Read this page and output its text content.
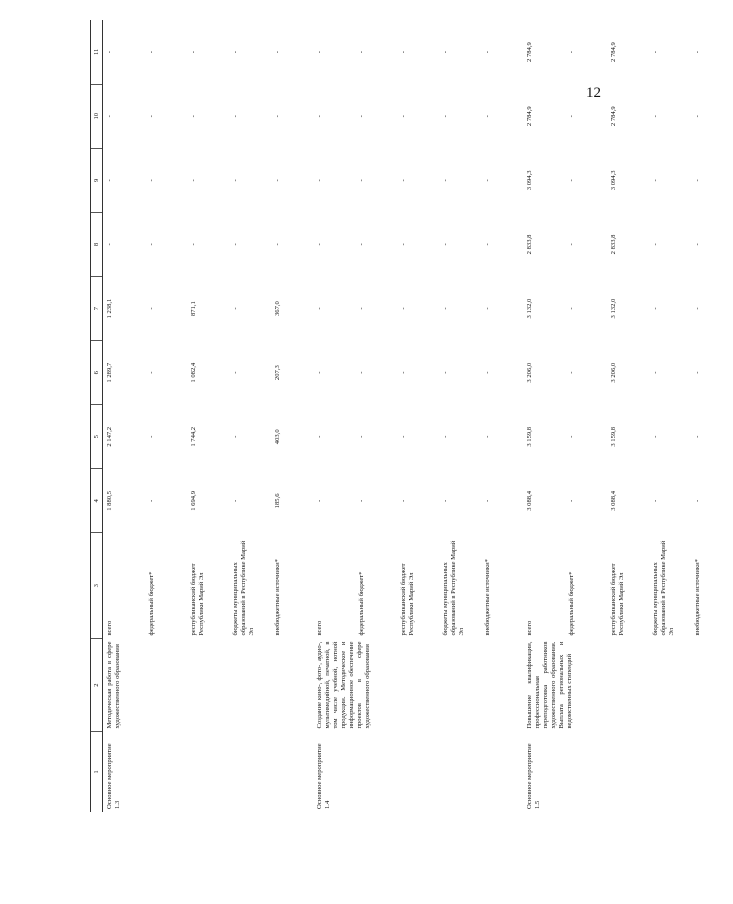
12
1	2	3	4	5	6	7	8	9	10	11
Основное мероприятие 1.3	Методическая работа в сфере художественного образования	всего	1 880,5	2 147,2	1 289,7	1 238,1	-	-	-	-
		федеральный бюджет*	-	-	-	-	-	-	-	-
		республиканский бюджет Республики Марий Эл	1 694,9	1 744,2	1 082,4	871,1	-	-	-	-
		бюджеты муниципальных образований в Республике Марий Эл	-	-	-	-	-	-	-	-
		внебюджетные источники*	185,6	403,0	207,3	367,0	-	-	-	-
Основное мероприятие 1.4	Создание кино-, фото-, аудио-, мультимедийной, печатной, в том числе учебной, нотной продукции. Методическое и информационное обеспечение проектов в сфере художественного образования	всего	-	-	-	-	-	-	-	-
		федеральный бюджет*	-	-	-	-	-	-	-	-
		республиканский бюджет Республики Марий Эл	-	-	-	-	-	-	-	-
		бюджеты муниципальных образований в Республике Марий Эл	-	-	-	-	-	-	-	-
		внебюджетные источники*	-	-	-	-	-	-	-	-
Основное мероприятие 1.5	Повышение квалификации, профессиональная переподготовка работников художественного образования. Выплата региональных и ведомственных стипендий	всего	3 088,4	3 159,8	3 206,0	3 132,0	2 833,8	3 094,3	2 784,9	2 784,9
		федеральный бюджет*	-	-	-	-	-	-	-	-
		республиканский бюджет Республики Марий Эл	3 088,4	3 159,8	3 206,0	3 132,0	2 833,8	3 094,3	2 784,9	2 784,9
		бюджеты муниципальных образований в Республике Марий Эл	-	-	-	-	-	-	-	-
		внебюджетные источники*	-	-	-	-	-	-	-	-
